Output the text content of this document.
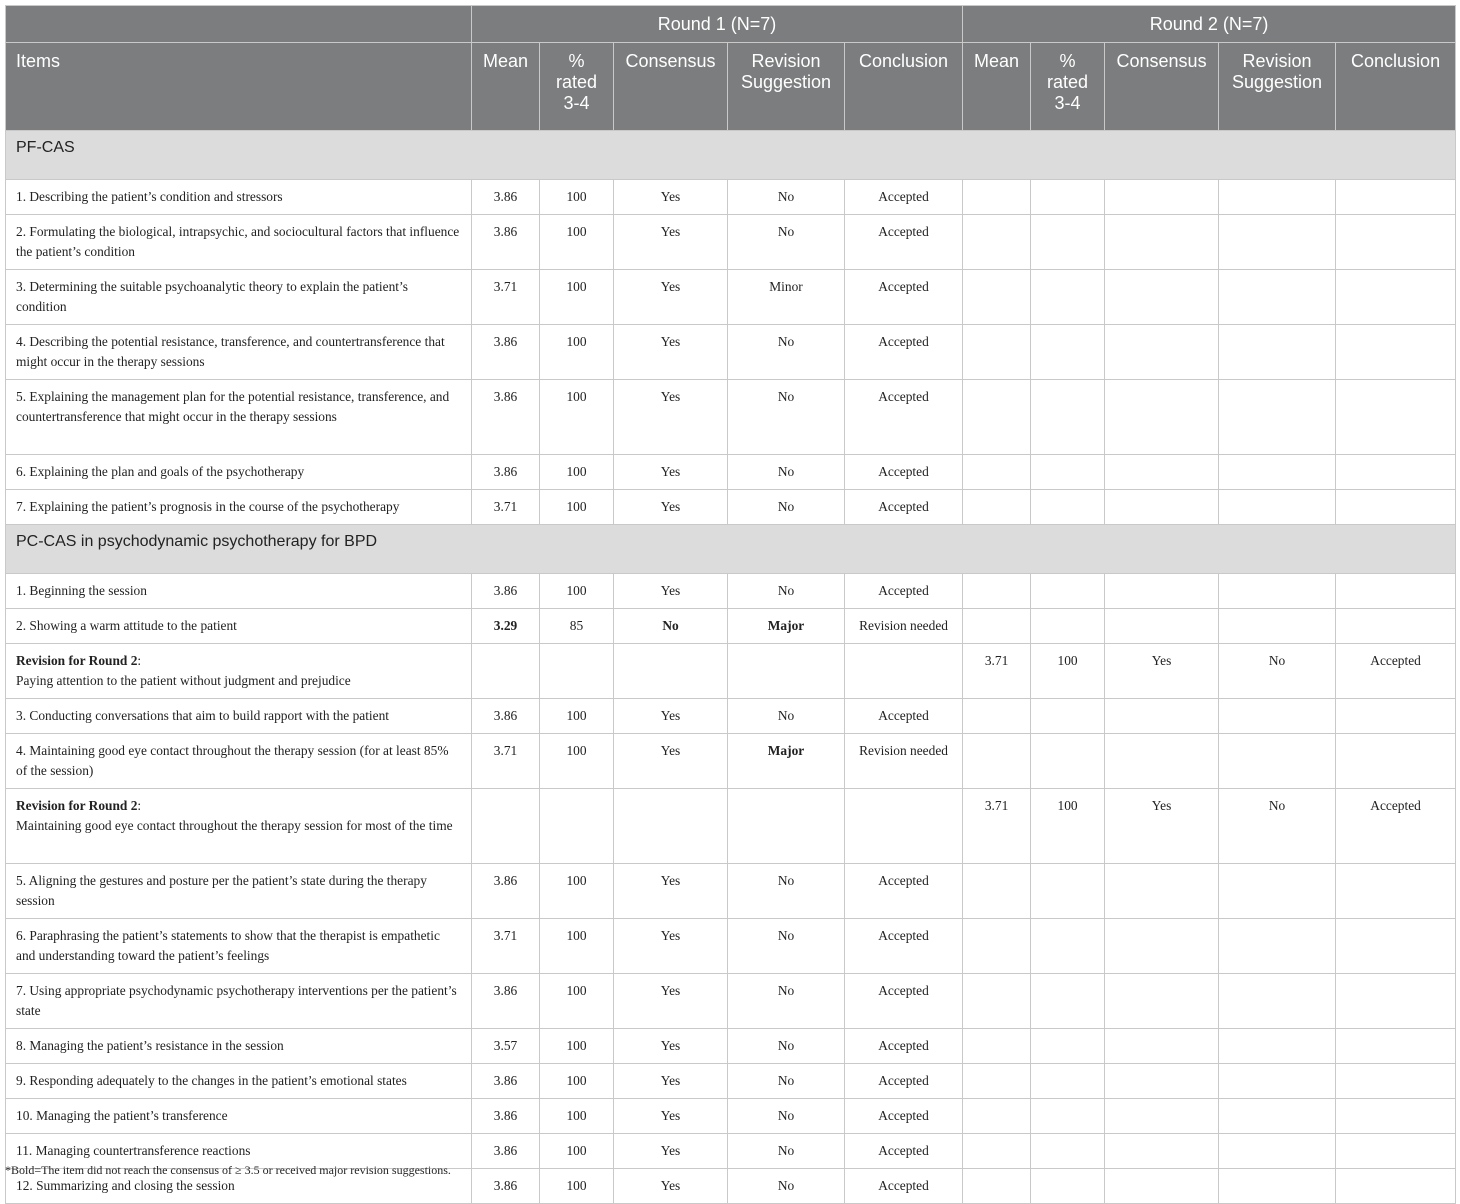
	Round 1 (N=7)					Round 2 (N=7)				
Items	Mean	% rated 3-4	Consensus	Revision Suggestion	Conclusion	Mean	% rated 3-4	Consensus	Revision Suggestion	Conclusion
PF-CAS										
1. Describing the patient’s condition and stressors	3.86	100	Yes	No	Accepted					
2. Formulating the biological, intrapsychic, and sociocultural factors that influence the patient’s condition	3.86	100	Yes	No	Accepted					
3. Determining the suitable psychoanalytic theory to explain the patient’s condition	3.71	100	Yes	Minor	Accepted					
4. Describing the potential resistance, transference, and countertransference that might occur in the therapy sessions	3.86	100	Yes	No	Accepted					
5. Explaining the management plan for the potential resistance, transference, and countertransference that might occur in the therapy sessions	3.86	100	Yes	No	Accepted					
6. Explaining the plan and goals of the psychotherapy	3.86	100	Yes	No	Accepted					
7. Explaining the patient’s prognosis in the course of the psychotherapy	3.71	100	Yes	No	Accepted					
PC-CAS in psychodynamic psychotherapy for BPD										
1. Beginning the session	3.86	100	Yes	No	Accepted					
2. Showing a warm attitude to the patient	3.29	85	No	Major	Revision needed					
Revision for Round 2:
Paying attention to the patient without judgment and prejudice						3.71	100	Yes	No	Accepted
3. Conducting conversations that aim to build rapport with the patient	3.86	100	Yes	No	Accepted					
4. Maintaining good eye contact throughout the therapy session (for at least 85% of the session)	3.71	100	Yes	Major	Revision needed					
Revision for Round 2:
Maintaining good eye contact throughout the therapy session for most of the time						3.71	100	Yes	No	Accepted
5. Aligning the gestures and posture per the patient’s state during the therapy session	3.86	100	Yes	No	Accepted					
6. Paraphrasing the patient’s statements to show that the therapist is empathetic and understanding toward the patient’s feelings	3.71	100	Yes	No	Accepted					
7. Using appropriate psychodynamic psychotherapy interventions per the patient’s state	3.86	100	Yes	No	Accepted					
8. Managing the patient’s resistance in the session	3.57	100	Yes	No	Accepted					
9. Responding adequately to the changes in the patient’s emotional states	3.86	100	Yes	No	Accepted					
10. Managing the patient’s transference	3.86	100	Yes	No	Accepted					
11. Managing countertransference reactions	3.86	100	Yes	No	Accepted					
12. Summarizing and closing the session	3.86	100	Yes	No	Accepted					
*Bold=The item did not reach the consensus of ≥ 3.5 or received major revision suggestions.
